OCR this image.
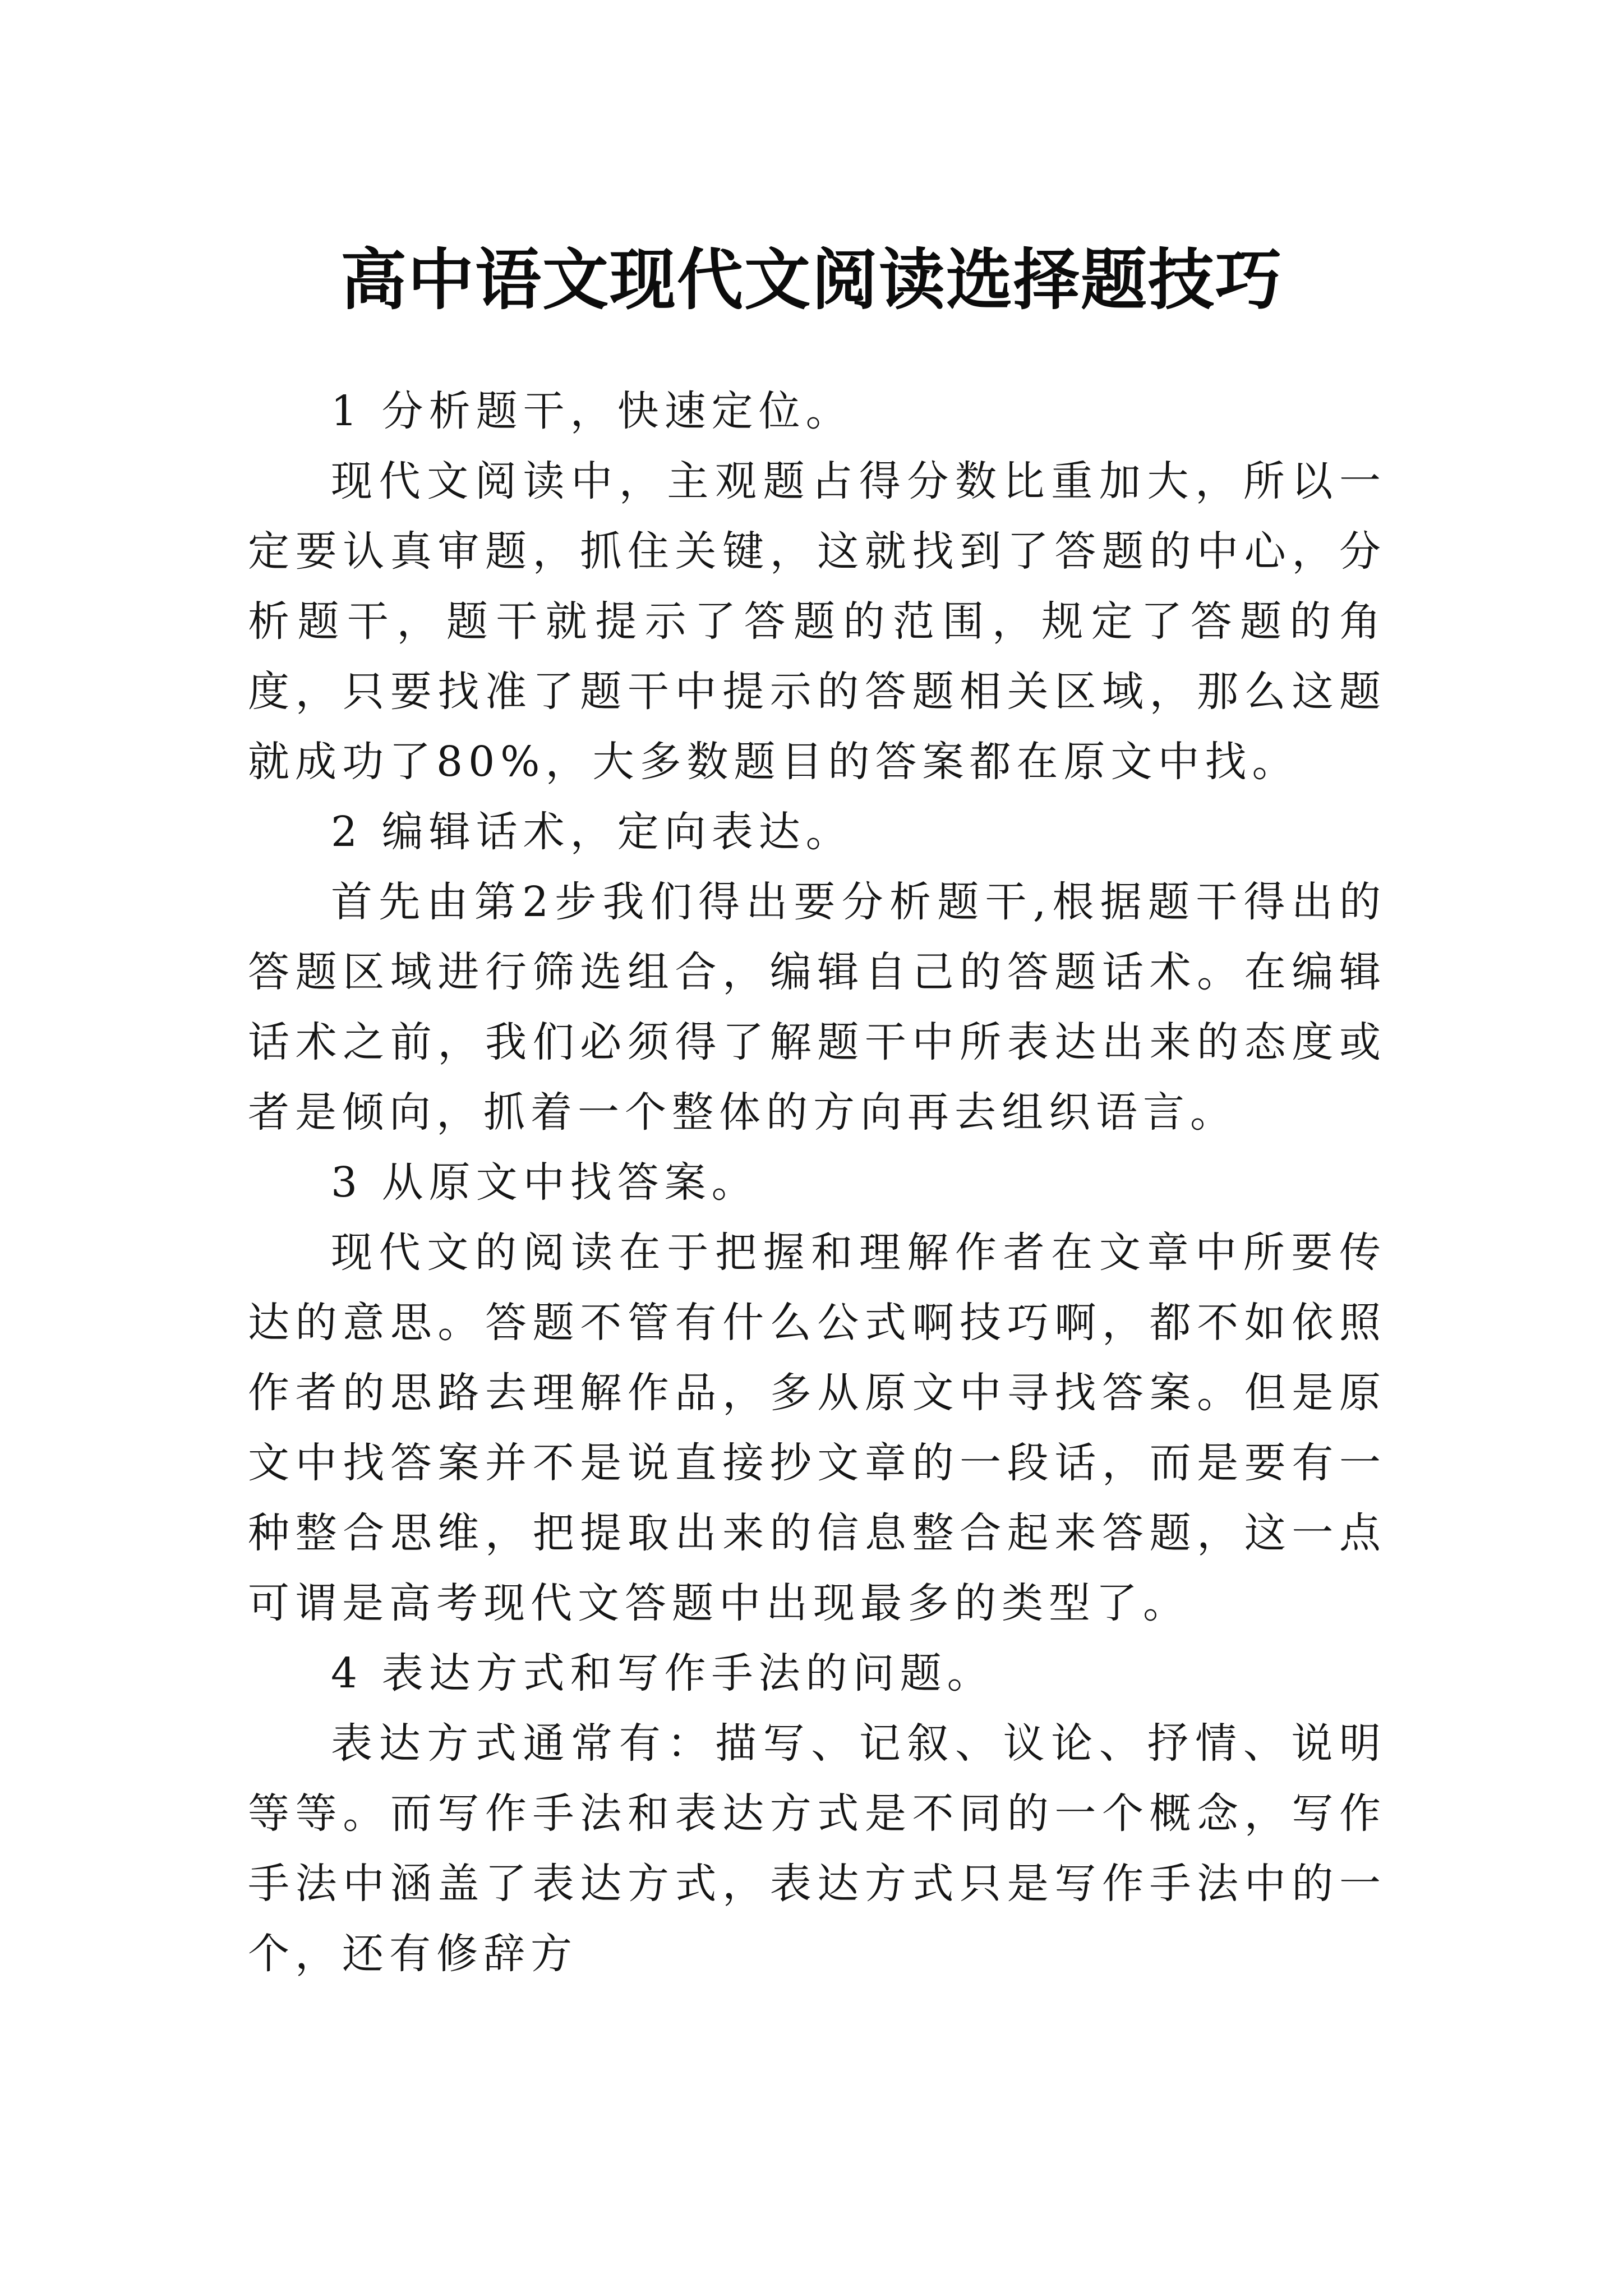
高中语文现代文阅读选择题技巧

1 分析题干，快速定位。

现代文阅读中，主观题占得分数比重加大，所以一定要认真审题，抓住关键，这就找到了答题的中心，分析题干，题干就提示了答题的范围，规定了答题的角度，只要找准了题干中提示的答题相关区域，那么这题就成功了80%，大多数题目的答案都在原文中找。

2 编辑话术，定向表达。

首先由第2步我们得出要分析题干,根据题干得出的答题区域进行筛选组合，编辑自己的答题话术。在编辑话术之前，我们必须得了解题干中所表达出来的态度或者是倾向，抓着一个整体的方向再去组织语言。

3 从原文中找答案。

现代文的阅读在于把握和理解作者在文章中所要传达的意思。答题不管有什么公式啊技巧啊，都不如依照作者的思路去理解作品，多从原文中寻找答案。但是原文中找答案并不是说直接抄文章的一段话，而是要有一种整合思维，把提取出来的信息整合起来答题，这一点可谓是高考现代文答题中出现最多的类型了。

4 表达方式和写作手法的问题。

表达方式通常有：描写、记叙、议论、抒情、说明等等。而写作手法和表达方式是不同的一个概念，写作手法中涵盖了表达方式，表达方式只是写作手法中的一个，还有修辞方
